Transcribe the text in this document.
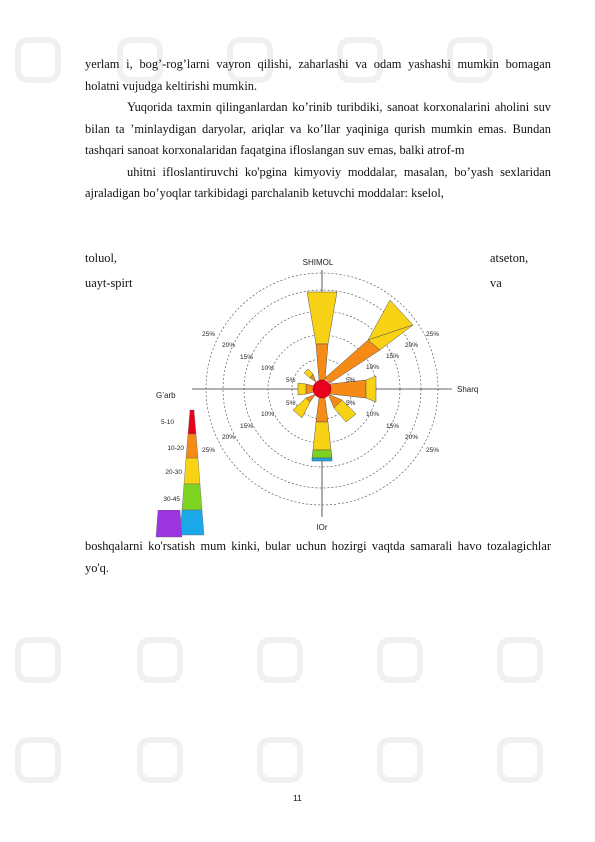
yerlam i, bog’-rog’larni vayron qilishi, zaharlashi va odam yashashi mumkin bomagan holatni vujudga keltirishi mumkin.

Yuqorida taxmin qilinganlardan ko’rinib turibdiki, sanoat korxonalarini aholini suv bilan ta ’minlaydigan daryolar, ariqlar va ko’llar yaqiniga qurish mumkin emas. Bundan tashqari sanoat korxonalaridan faqatgina ifloslangan suv emas, balki atrof-m

uhitni ifloslantiruvchi ko'pgina kimyoviy moddalar, masalan, bo’yash sexlaridan ajraladigan bo’yoqlar tarkibidagi parchalanib ketuvchi moddalar: kselol,

toluol,	atseton,
uayt-spirt	va
SHIMOL
Sharq
G’arb
IOr
5%
10%
15%
20%
25%
5%
10%
15%
20%
25%
5%
10%
15%
20%
25%
5%
10%
15%
20%
25%
5-10
10-20
20-30
30-45

boshqalarni ko'rsatish mum kinki, bular uchun hozirgi vaqtda samarali havo tozalagichlar yo'q.

11
